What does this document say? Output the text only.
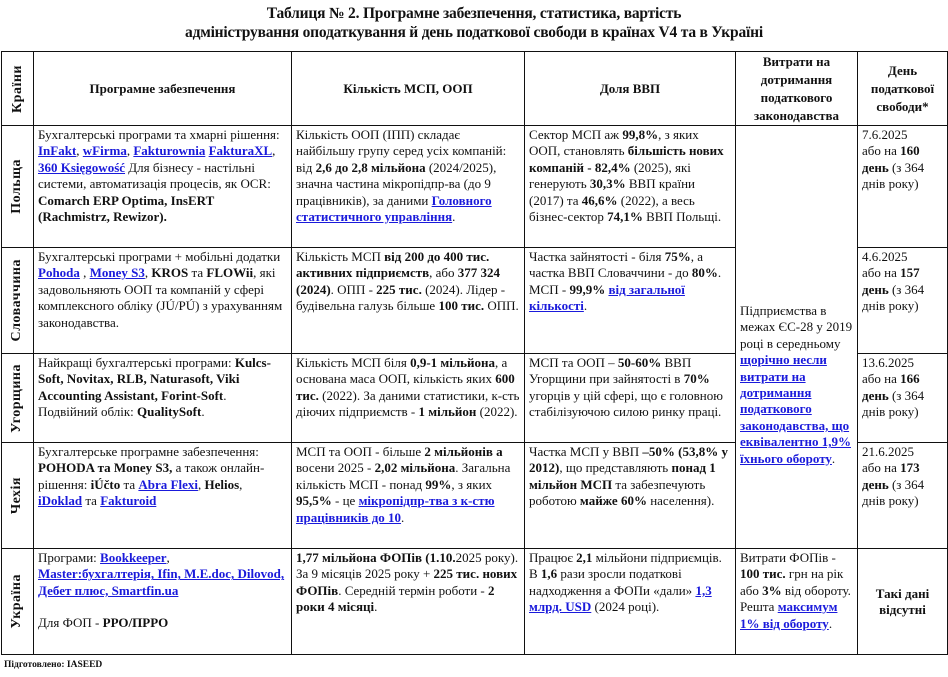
Таблиця № 2. Програмне забезпечення, статистика, вартість
адміністрування оподаткування й день податкової свободи в країнах V4 та в Україні
Країни	Програмне забезпечення	Кількість МСП, ООП	Доля ВВП	Витрати на дотримання податкового законодавства	День податкової свободи*

Польща	Бухгалтерські програми та хмарні рішення: InFakt, wFirma, Fakturownia FakturaXL, 360 Księgowość Для бізнесу - настільні системи, автоматизація процесів, як OCR: Comarch ERP Optima, InsERT (Rachmistrz, Rewizor).	Кількість ООП (ІПП) складає найбільшу групу серед усіх компаній: від 2,6 до 2,8 мільйона (2024/2025), значна частина мікропідпр-ва (до 9 працівників), за даними Головного статистичного управління.	Сектор МСП аж 99,8%, з яких ООП, становлять більшість нових компаній - 82,4% (2025), які генерують 30,3% ВВП країни (2017) та 46,6% (2022), а весь бізнес-сектор 74,1% ВВП Польщі.	Підприємства в межах ЄС-28 у 2019 році в середньому щорічно несли витрати на дотримання податкового законодавства, що еквівалентно 1,9% їхнього обороту.	7.6.2025
або на 160 день (з 364 днів року)

Словаччина	Бухгалтерські програми + мобільні додатки Pohoda , Money S3, KROS та FLOWii, які задовольняють ООП та компаній у сфері комплексного обліку (JÚ/PÚ) з урахуванням законодавства.	Кількість МСП від 200 до 400 тис. активних підприємств, або 377 324 (2024). ОПП - 225 тис. (2024). Лідер - будівельна галузь більше 100 тис. ОПП.	Частка зайнятості - біля 75%, а частка ВВП Словаччини - до 80%. МСП - 99,9% від загальної кількості.		4.6.2025
або на 157 день (з 364 днів року)

Угорщина	Найкращі бухгалтерські програми: Kulcs-Soft, Novitax, RLB, Naturasoft, Viki Accounting Assistant, Forint-Soft. Подвійний облік: QualitySoft.	Кількість МСП біля 0,9-1 мільйона, а основана маса ООП, кількість яких 600 тис. (2022). За даними статистики, к-сть діючих підприємств - 1 мільйон (2022).	МСП та ООП – 50-60% ВВП Угорщини при зайнятості в 70% угорців у цій сфері, що є головною стабілізуючою силою ринку праці.		13.6.2025
або на 166 день (з 364 днів року)

Чехія	Бухгалтерське програмне забезпечення: POHODA та Money S3, а також онлайн-рішення: iÚčto та Abra Flexi, Helios, iDoklad та Fakturoid	МСП та ООП - більше 2 мільйонів а восени 2025 - 2,02 мільйона. Загальна кількість МСП - понад 99%, з яких 95,5% - це мікропідпр-тва з к-стю працівників до 10.	Частка МСП у ВВП –50% (53,8% у 2012), що представляють понад 1 мільйон МСП та забезпечують роботою майже 60% населення).		21.6.2025
або на 173 день (з 364 днів року)

Україна	Програми: Bookkeeper, Master:бухгалтерія, Ifin, M.E.doc, Dilovod, Дебет плюс, Smartfin.ua
Для ФОП - РРО/ПРРО	1,77 мільйона ФОПів (1.10.2025 року). За 9 місяців 2025 року + 225 тис. нових ФОПів. Середній термін роботи - 2 роки 4 місяці.	Працює 2,1 мільйони підприємців. В 1,6 рази зросли податкові надходження а ФОПи «дали» 1,3 млрд. USD (2024 році).	Витрати ФОПів - 100 тис. грн на рік або 3% від обороту. Решта максимум 1% від обороту.	Такі дані відсутні
Підготовлено: IASEED
